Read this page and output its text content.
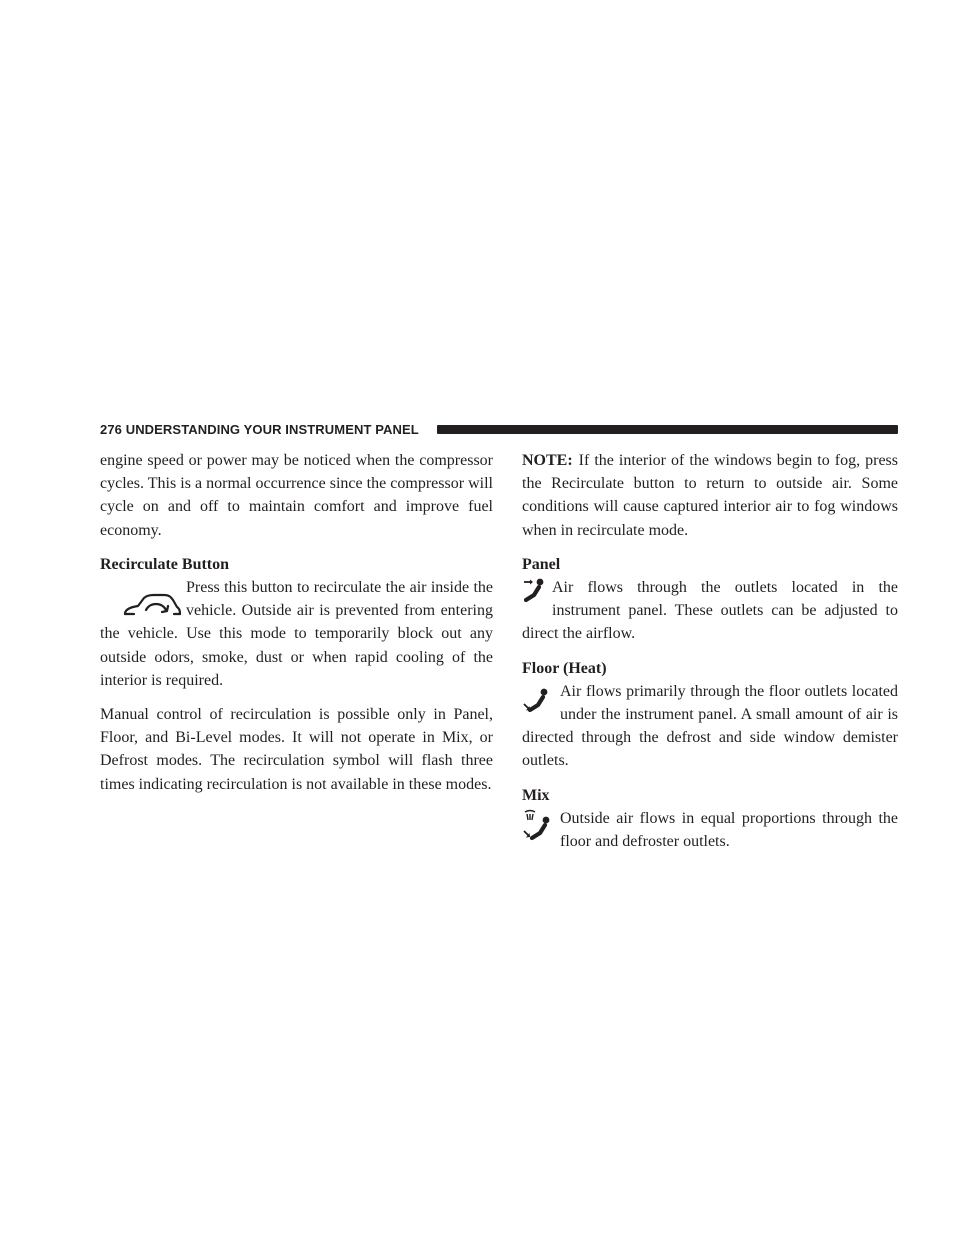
276 UNDERSTANDING YOUR INSTRUMENT PANEL

engine speed or power may be noticed when the compressor cycles. This is a normal occurrence since the compressor will cycle on and off to maintain comfort and improve fuel economy.

Recirculate Button

Press this button to recirculate the air inside the vehicle. Outside air is prevented from entering the vehicle. Use this mode to temporarily block out any outside odors, smoke, dust or when rapid cooling of the interior is required.

Manual control of recirculation is possible only in Panel, Floor, and Bi-Level modes. It will not operate in Mix, or Defrost modes. The recirculation symbol will flash three times indicating recirculation is not available in these modes.

NOTE: If the interior of the windows begin to fog, press the Recirculate button to return to outside air. Some conditions will cause captured interior air to fog windows when in recirculate mode.

Panel

Air flows through the outlets located in the instrument panel. These outlets can be adjusted to direct the airflow.

Floor (Heat)

Air flows primarily through the floor outlets located under the instrument panel. A small amount of air is directed through the defrost and side window demister outlets.

Mix

Outside air flows in equal proportions through the floor and defroster outlets.
